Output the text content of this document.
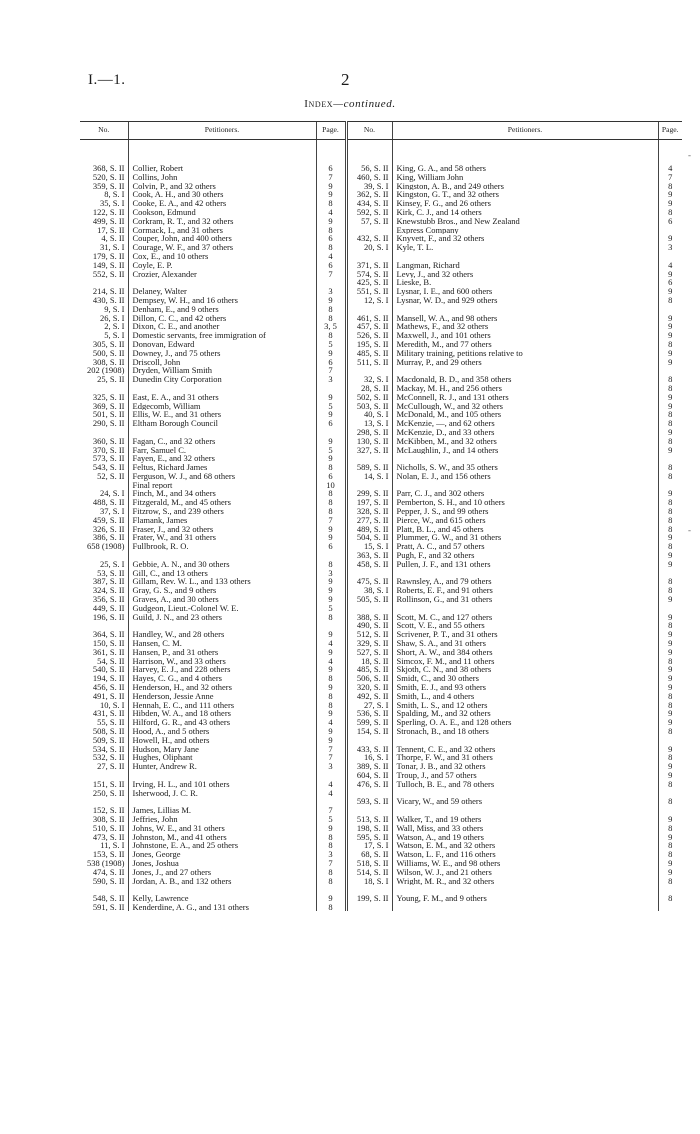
I.—1.	2
Index—continued.
No.	Petitioners.	Page.	No.	Petitioners.	Page.

368, S. II	Collier, Robert	6	56, S. II	King, G. A., and 58 others	4
520, S. II	Collins, John	7	460, S. II	King, William John	7
359, S. II	Colvin, P., and 32 others	9	39, S. I	Kingston, A. B., and 249 others	8
8, S. I	Cook, A. H., and 30 others	9	362, S. II	Kingston, G. T., and 32 others	9
35, S. I	Cooke, E. A., and 42 others	8	434, S. II	Kinsey, F. G., and 26 others	9
122, S. II	Cookson, Edmund	4	592, S. II	Kirk, C. J., and 14 others	8
499, S. II	Corkram, R. T., and 32 others	9	57, S. II	Knewstubb Bros., and New Zealand	6
17, S. II	Cormack, I., and 31 others	8		Express Company	
4, S. II	Couper, John, and 400 others	6	432, S. II	Knyvett, F., and 32 others	9
31, S. I	Courage, W. F., and 37 others	8	20, S. I	Kyle, T. L.	3
179, S. II	Cox, E., and 10 others	4			
149, S. II	Coyle, E. P.	6	371, S. II	Langman, Richard	4
552, S. II	Crozier, Alexander	7	574, S. II	Levy, J., and 32 others	9
			425, S. II	Lieske, B.	6
214, S. II	Delaney, Walter	3	551, S. II	Lysnar, I. E., and 600 others	9
430, S. II	Dempsey, W. H., and 16 others	9	12, S. I	Lysnar, W. D., and 929 others	8
9, S. I	Denham, E., and 9 others	8			
26, S. I	Dillon, C. C., and 42 others	8	461, S. II	Mansell, W. A., and 98 others	9
2, S. I	Dixon, C. E., and another	3, 5	457, S. II	Mathews, F., and 32 others	9
5, S. I	Domestic servants, free immigration of	8	526, S. II	Maxwell, J., and 101 others	9
305, S. II	Donovan, Edward	5	195, S. II	Meredith, M., and 77 others	8
500, S. II	Downey, J., and 75 others	9	485, S. II	Military training, petitions relative to	9
308, S. II	Driscoll, John	6	511, S. II	Murray, P., and 29 others	9
202 (1908)	Dryden, William Smith	7			
25, S. II	Dunedin City Corporation	3	32, S. I	Macdonald, B. D., and 358 others	8
			28, S. II	Mackay, M. H., and 256 others	8
325, S. II	East, E. A., and 31 others	9	502, S. II	McConnell, R. J., and 131 others	9
369, S. II	Edgecomb, William	5	503, S. II	McCullough, W., and 32 others	9
501, S. II	Ellis, W. E., and 31 others	9	40, S. I	McDonald, M., and 105 others	8
290, S. II	Eltham Borough Council	6	13, S. I	McKenzie, —, and 62 others	8
			298, S. II	McKenzie, D., and 33 others	9
360, S. II	Fagan, C., and 32 others	9	130, S. II	McKibben, M., and 32 others	8
370, S. II	Farr, Samuel C.	5	327, S. II	McLaughlin, J., and 14 others	9
573, S. II	Fayen, E., and 32 others	9			
543, S. II	Feltus, Richard James	8	589, S. II	Nicholls, S. W., and 35 others	8
52, S. II	Ferguson, W. J., and 68 others	6	14, S. I	Nolan, E. J., and 156 others	8
	Final report	10			
24, S. I	Finch, M., and 34 others	8	299, S. II	Parr, C. J., and 302 others	9
488, S. II	Fitzgerald, M., and 45 others	8	197, S. II	Pemberton, S. H., and 10 others	8
37, S. I	Fitzrow, S., and 239 others	8	328, S. II	Pepper, J. S., and 99 others	8
459, S. II	Flamank, James	7	277, S. II	Pierce, W., and 615 others	8
326, S. II	Fraser, J., and 32 others	9	489, S. II	Platt, B. L., and 45 others	8
386, S. II	Frater, W., and 31 others	9	504, S. II	Plummer, G. W., and 31 others	9
658 (1908)	Fullbrook, R. O.	6	15, S. I	Pratt, A. C., and 57 others	8
			363, S. II	Pugh, F., and 32 others	9
25, S. I	Gebbie, A. N., and 30 others	8	458, S. II	Pullen, J. F., and 131 others	9
53, S. II	Gill, C., and 13 others	3			
387, S. II	Gillam, Rev. W. L., and 133 others	9	475, S. II	Rawnsley, A., and 79 others	8
324, S. II	Gray, G. S., and 9 others	9	38, S. I	Roberts, E. F., and 91 others	8
356, S. II	Graves, A., and 30 others	9	505, S. II	Rollinson, G., and 31 others	9
449, S. II	Gudgeon, Lieut.-Colonel W. E.	5			
196, S. II	Guild, J. N., and 23 others	8	388, S. II	Scott, M. C., and 127 others	9
			490, S. II	Scott, V. E., and 55 others	8
364, S. II	Handley, W., and 28 others	9	512, S. II	Scrivener, P. T., and 31 others	9
150, S. II	Hansen, C. M.	4	329, S. II	Shaw, S. A., and 31 others	9
361, S. II	Hansen, P., and 31 others	9	527, S. II	Short, A. W., and 384 others	9
54, S. II	Harrison, W., and 33 others	4	18, S. II	Simcox, F. M., and 11 others	8
540, S. II	Harvey, E. J., and 228 others	9	485, S. II	Skjoth, C. N., and 38 others	9
194, S. II	Hayes, C. G., and 4 others	8	506, S. II	Smidt, C., and 30 others	9
456, S. II	Henderson, H., and 32 others	9	320, S. II	Smith, E. J., and 93 others	9
491, S. II	Henderson, Jessie Anne	8	492, S. II	Smith, L., and 4 others	8
10, S. I	Hennah, E. C., and 111 others	8	27, S. I	Smith, L. S., and 12 others	8
431, S. II	Hibden, W. A., and 18 others	9	536, S. II	Spalding, M., and 32 others	9
55, S. II	Hilford, G. R., and 43 others	4	599, S. II	Sperling, O. A. E., and 128 others	9
508, S. II	Hood, A., and 5 others	9	154, S. II	Stronach, B., and 18 others	8
509, S. II	Howell, H., and others	9			
534, S. II	Hudson, Mary Jane	7	433, S. II	Tennent, C. E., and 32 others	9
532, S. II	Hughes, Oliphant	7	16, S. I	Thorpe, F. W., and 31 others	8
27, S. II	Hunter, Andrew R.	3	389, S. II	Tonar, J. B., and 32 others	9
			604, S. II	Troup, J., and 57 others	9
151, S. II	Irving, H. L., and 101 others	4	476, S. II	Tulloch, B. E., and 78 others	8
250, S. II	Isherwood, J. C. R.	4			
			593, S. II	Vicary, W., and 59 others	8
152, S. II	James, Lillias M.	7			
308, S. II	Jeffries, John	5	513, S. II	Walker, T., and 19 others	9
510, S. II	Johns, W. E., and 31 others	9	198, S. II	Wall, Miss, and 33 others	8
473, S. II	Johnston, M., and 41 others	8	595, S. II	Watson, A., and 19 others	9
11, S. I	Johnstone, E. A., and 25 others	8	17, S. I	Watson, E. M., and 32 others	8
153, S. II	Jones, George	3	68, S. II	Watson, L. F., and 116 others	8
538 (1908)	Jones, Joshua	7	518, S. II	Williams, W. E., and 98 others	9
474, S. II	Jones, J., and 27 others	8	514, S. II	Wilson, W. J., and 21 others	9
590, S. II	Jordan, A. B., and 132 others	8	18, S. I	Wright, M. R., and 32 others	8

548, S. II	Kelly, Lawrence	9	199, S. II	Young, F. M., and 9 others	8
591, S. II	Kenderdine, A. G., and 131 others	8			
‐
‐
